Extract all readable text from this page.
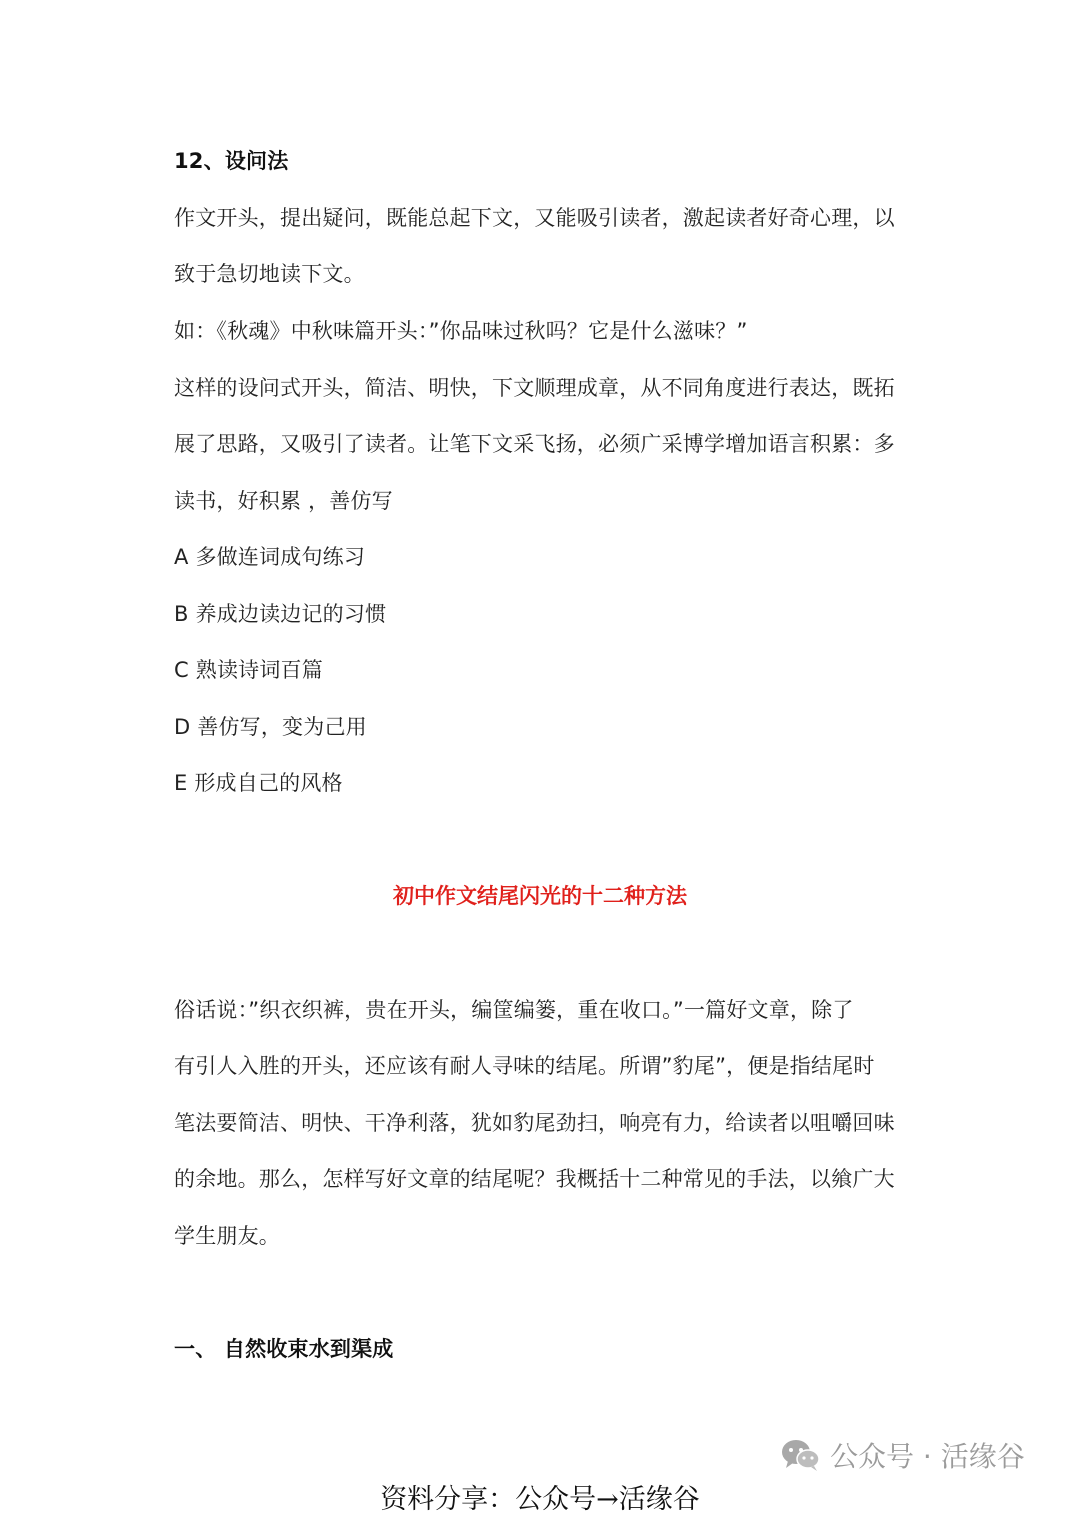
12、设问法
作文开头，提出疑问，既能总起下文，又能吸引读者，激起读者好奇心理，以
致于急切地读下文。
如：《秋魂》中秋味篇开头：”你品味过秋吗？它是什么滋味？”
这样的设问式开头，简洁、明快，下文顺理成章，从不同角度进行表达，既拓
展了思路，又吸引了读者。让笔下文采飞扬，必须广采博学增加语言积累：多
读书，好积累 ，善仿写
A 多做连词成句练习
B 养成边读边记的习惯
C 熟读诗词百篇
D 善仿写，变为己用
E 形成自己的风格
初中作文结尾闪光的十二种方法
俗话说：”织衣织裤，贵在开头，编筐编篓，重在收口。”一篇好文章，除了
有引人入胜的开头，还应该有耐人寻味的结尾。所谓”豹尾”，便是指结尾时
笔法要简洁、明快、干净利落，犹如豹尾劲扫，响亮有力，给读者以咀嚼回味
的余地。那么，怎样写好文章的结尾呢？我概括十二种常见的手法，以飨广大
学生朋友。
一、 自然收束水到渠成
公众号 · 活缘谷
资料分享：公众号→活缘谷
